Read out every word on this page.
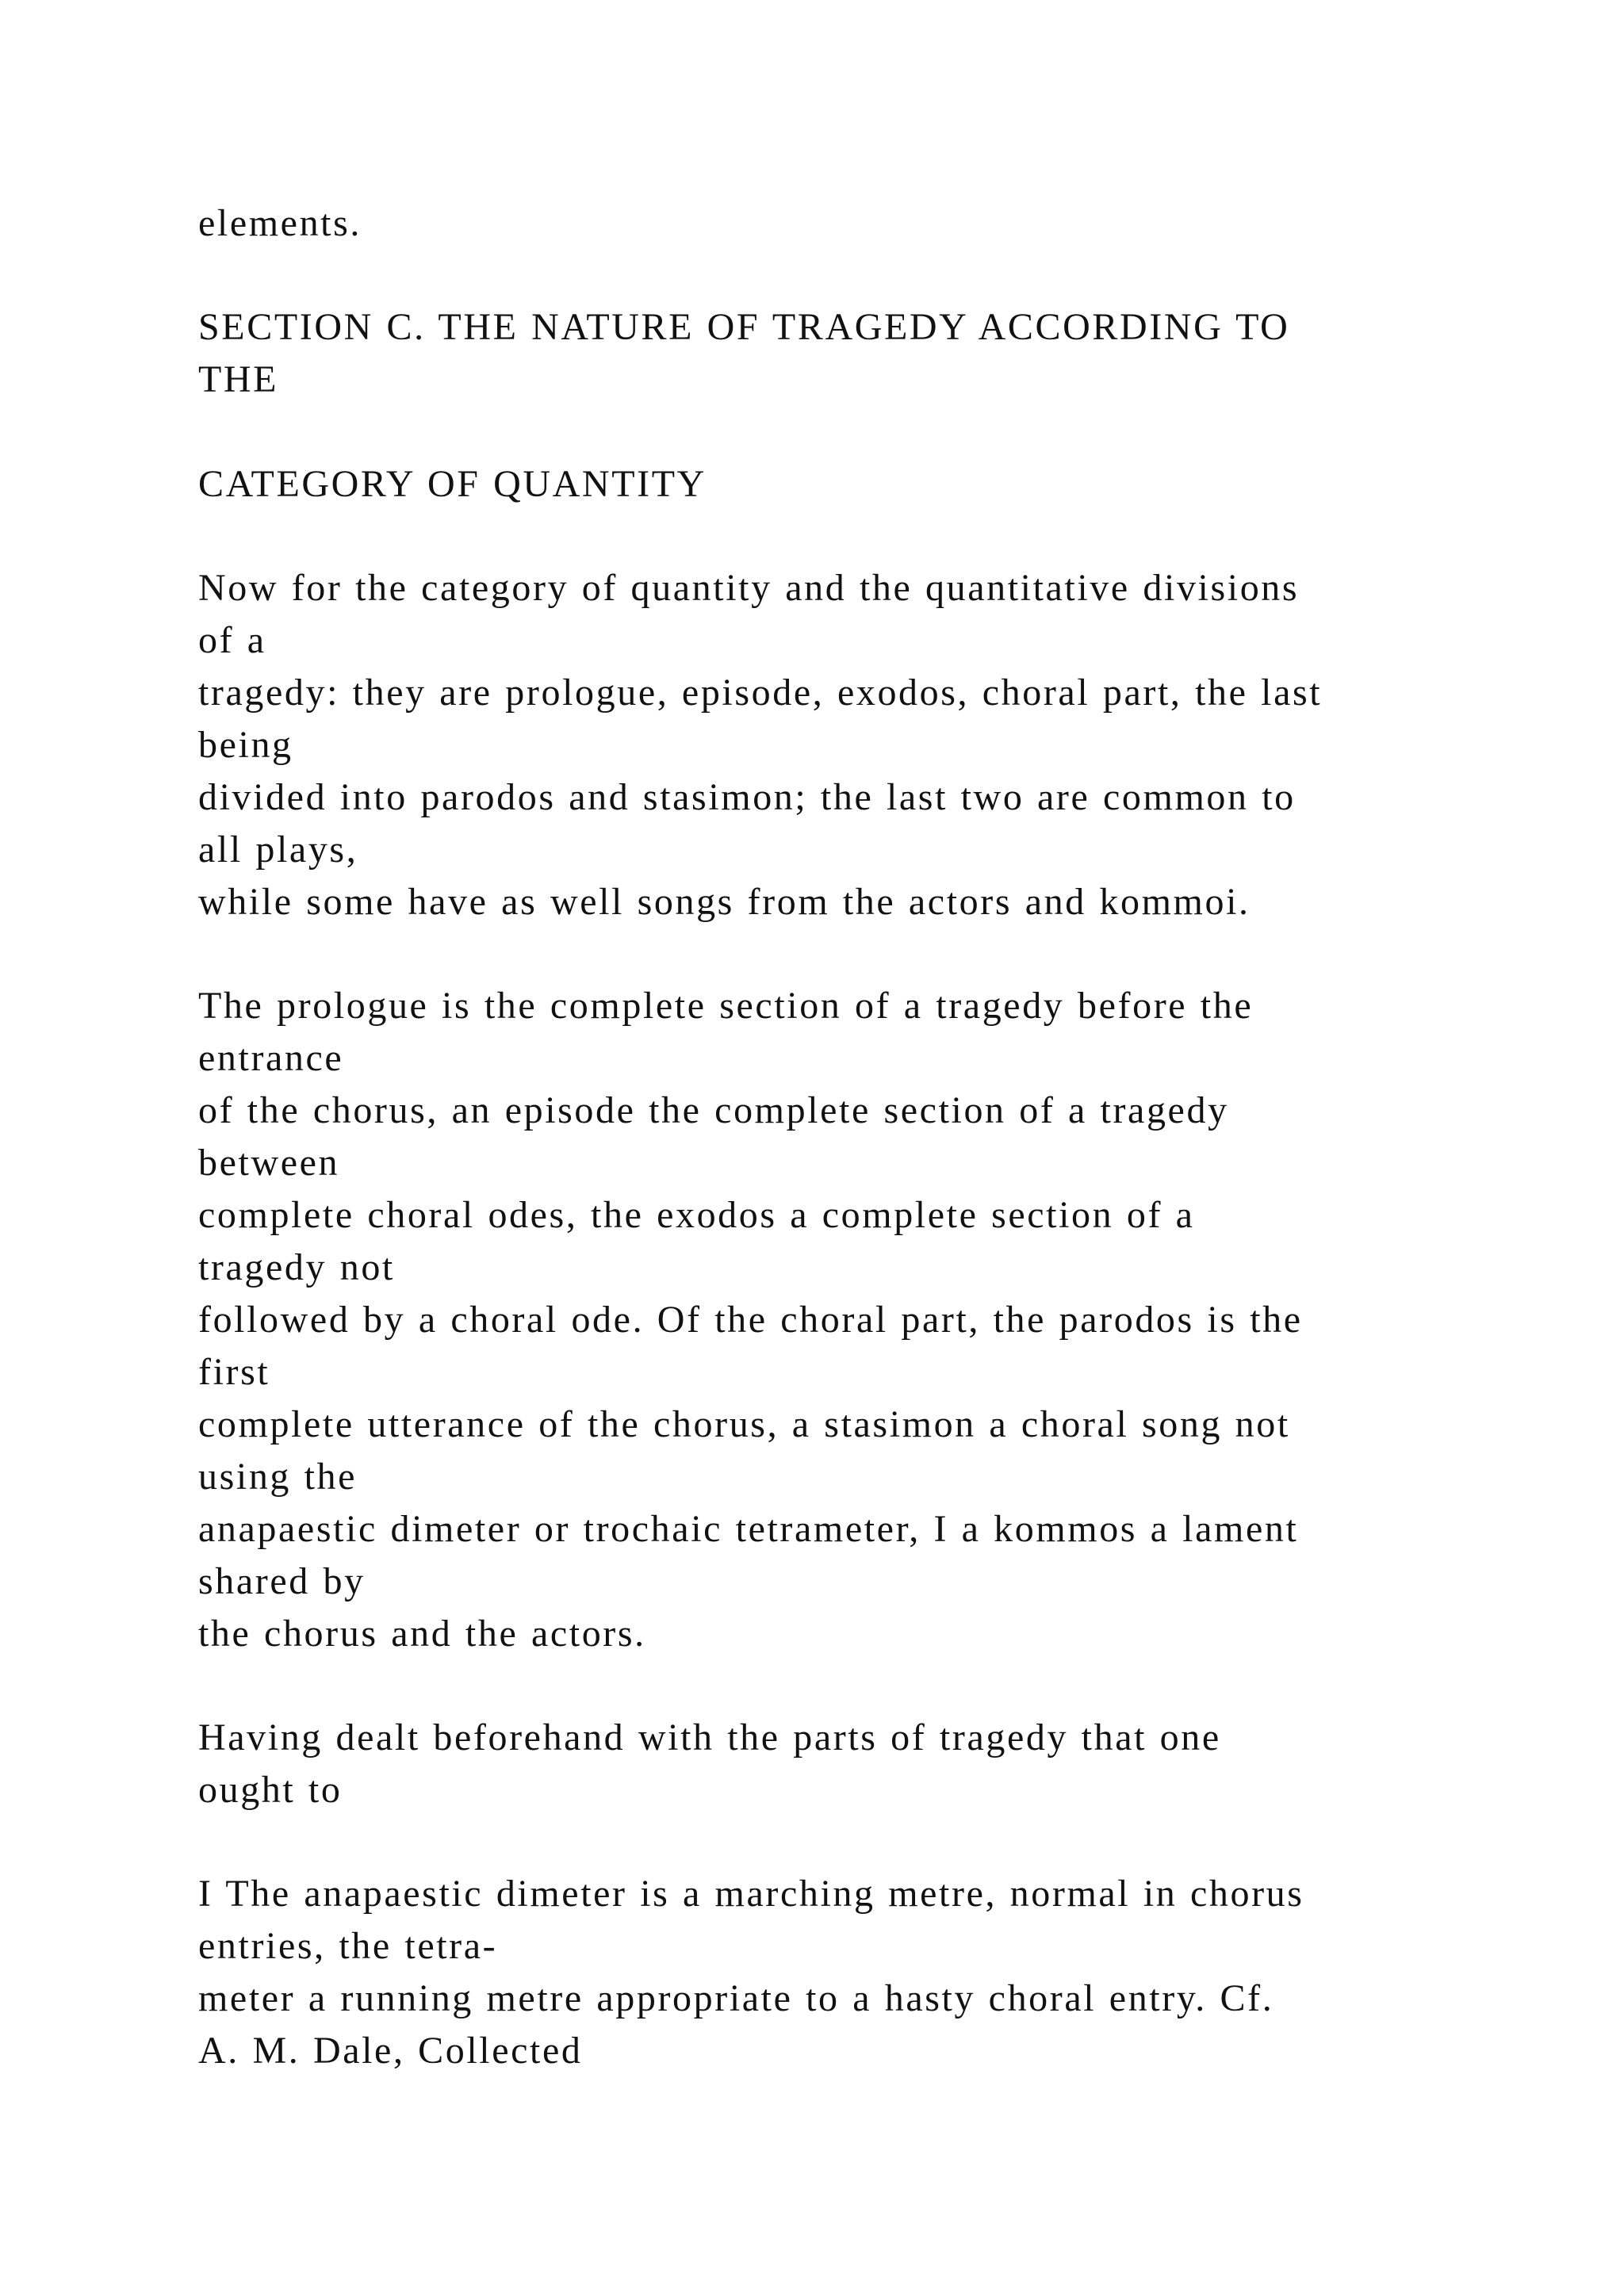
elements.

SECTION C. THE NATURE OF TRAGEDY ACCORDING TO

THE

CATEGORY OF QUANTITY

Now for the category of quantity and the quantitative divisions

of a

tragedy: they are prologue, episode, exodos, choral part, the last

being

divided into parodos and stasimon; the last two are common to

all plays,

while some have as well songs from the actors and kommoi.

The prologue is the complete section of a tragedy before the

entrance

of the chorus, an episode the complete section of a tragedy

between

complete choral odes, the exodos a complete section of a

tragedy not

followed by a choral ode. Of the choral part, the parodos is the

first

complete utterance of the chorus, a stasimon a choral song not

using the

anapaestic dimeter or trochaic tetrameter, I a kommos a lament

shared by

the chorus and the actors.

Having dealt beforehand with the parts of tragedy that one

ought to

I The anapaestic dimeter is a marching metre, normal in chorus

entries, the tetra-

meter a running metre appropriate to a hasty choral entry. Cf.

A. M. Dale, Collected
